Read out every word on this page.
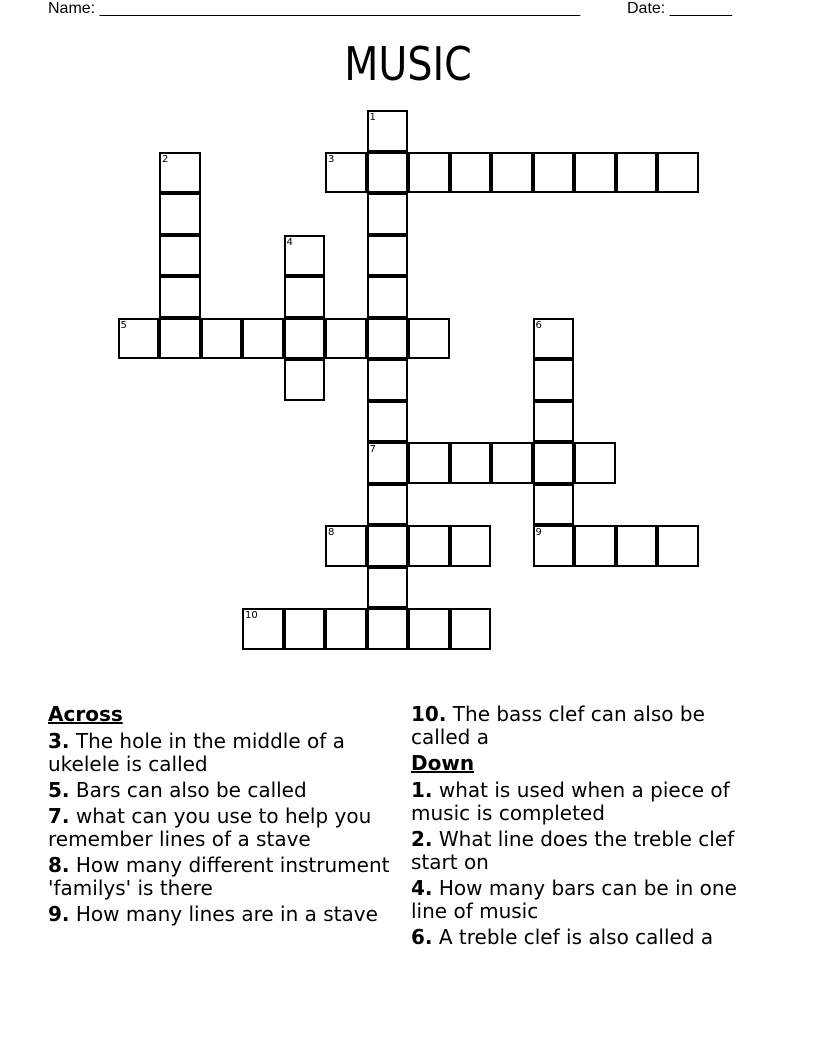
Name: ______________________________________________________	Date: _______
MUSIC
1
2	3
4
5	6
7
8	9
10
Across
3. The hole in the middle of a ukelele is called
5. Bars can also be called
7. what can you use to help you remember lines of a stave
8. How many different instrument 'familys' is there
9. How many lines are in a stave
10. The bass clef can also be called a
Down
1. what is used when a piece of music is completed
2. What line does the treble clef start on
4. How many bars can be in one line of music
6. A treble clef is also called a
